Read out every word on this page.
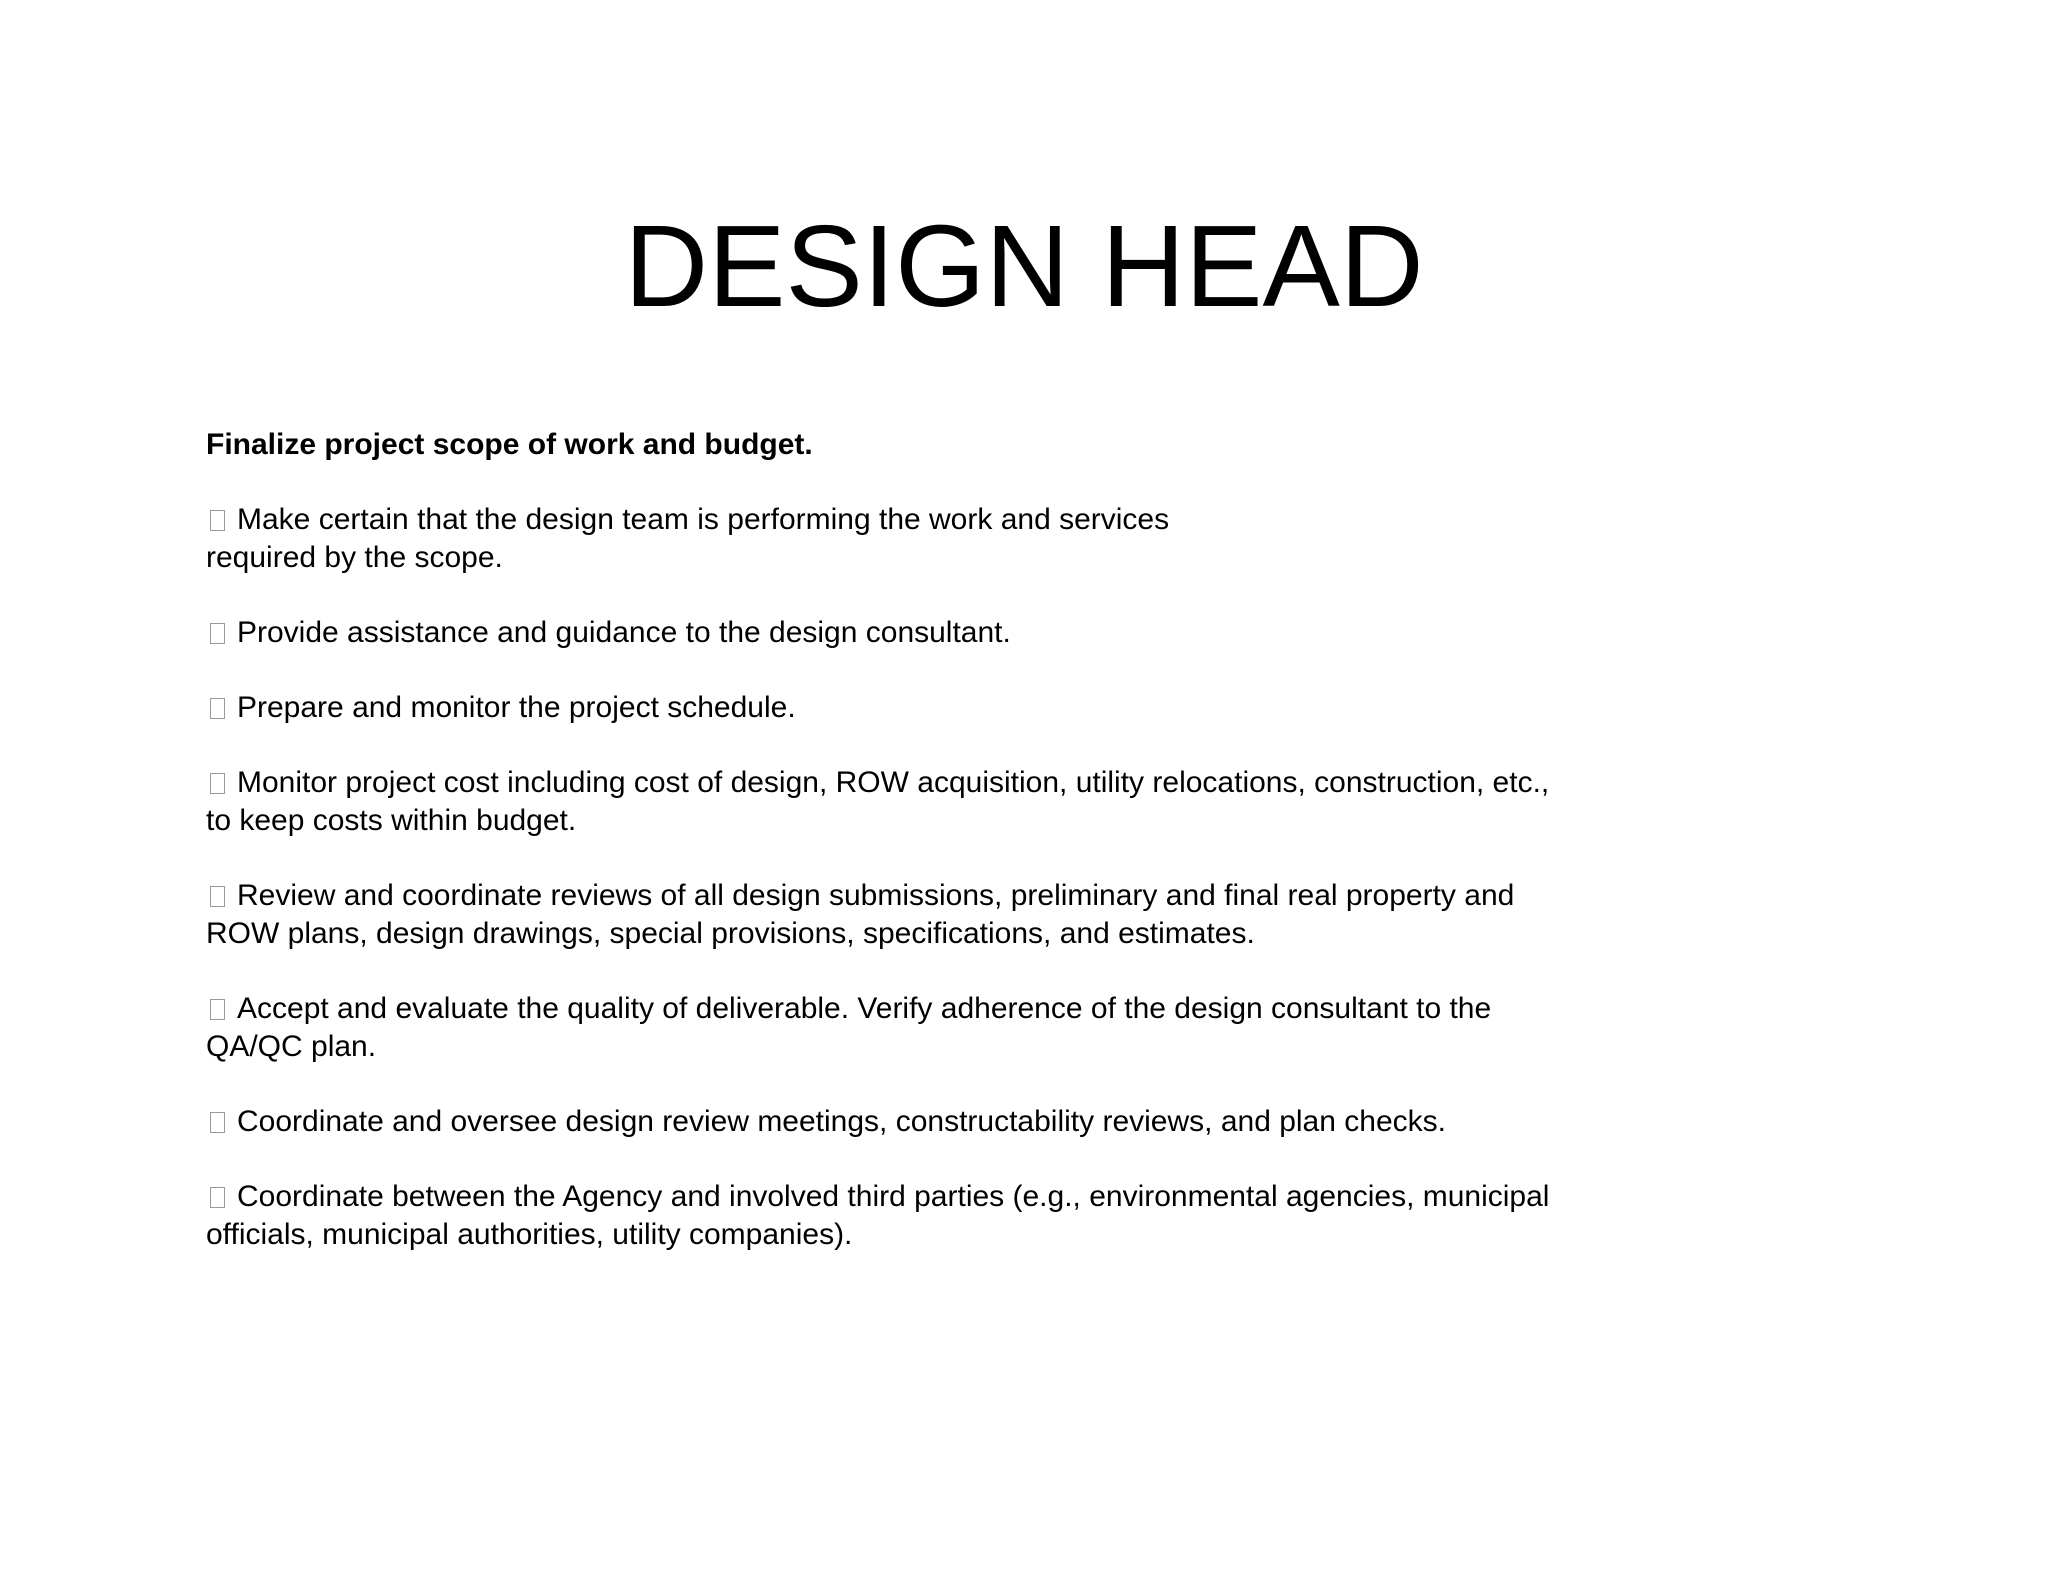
DESIGN HEAD
Finalize project scope of work and budget.
Make certain that the design team is performing the work and services
required by the scope.
Provide assistance and guidance to the design consultant.
Prepare and monitor the project schedule.
Monitor project cost including cost of design, ROW acquisition, utility relocations, construction, etc.,
to keep costs within budget.
Review and coordinate reviews of all design submissions, preliminary and final real property and
ROW plans, design drawings, special provisions, specifications, and estimates.
Accept and evaluate the quality of deliverable. Verify adherence of the design consultant to the
QA/QC plan.
Coordinate and oversee design review meetings, constructability reviews, and plan checks.
Coordinate between the Agency and involved third parties (e.g., environmental agencies, municipal
officials, municipal authorities, utility companies).
